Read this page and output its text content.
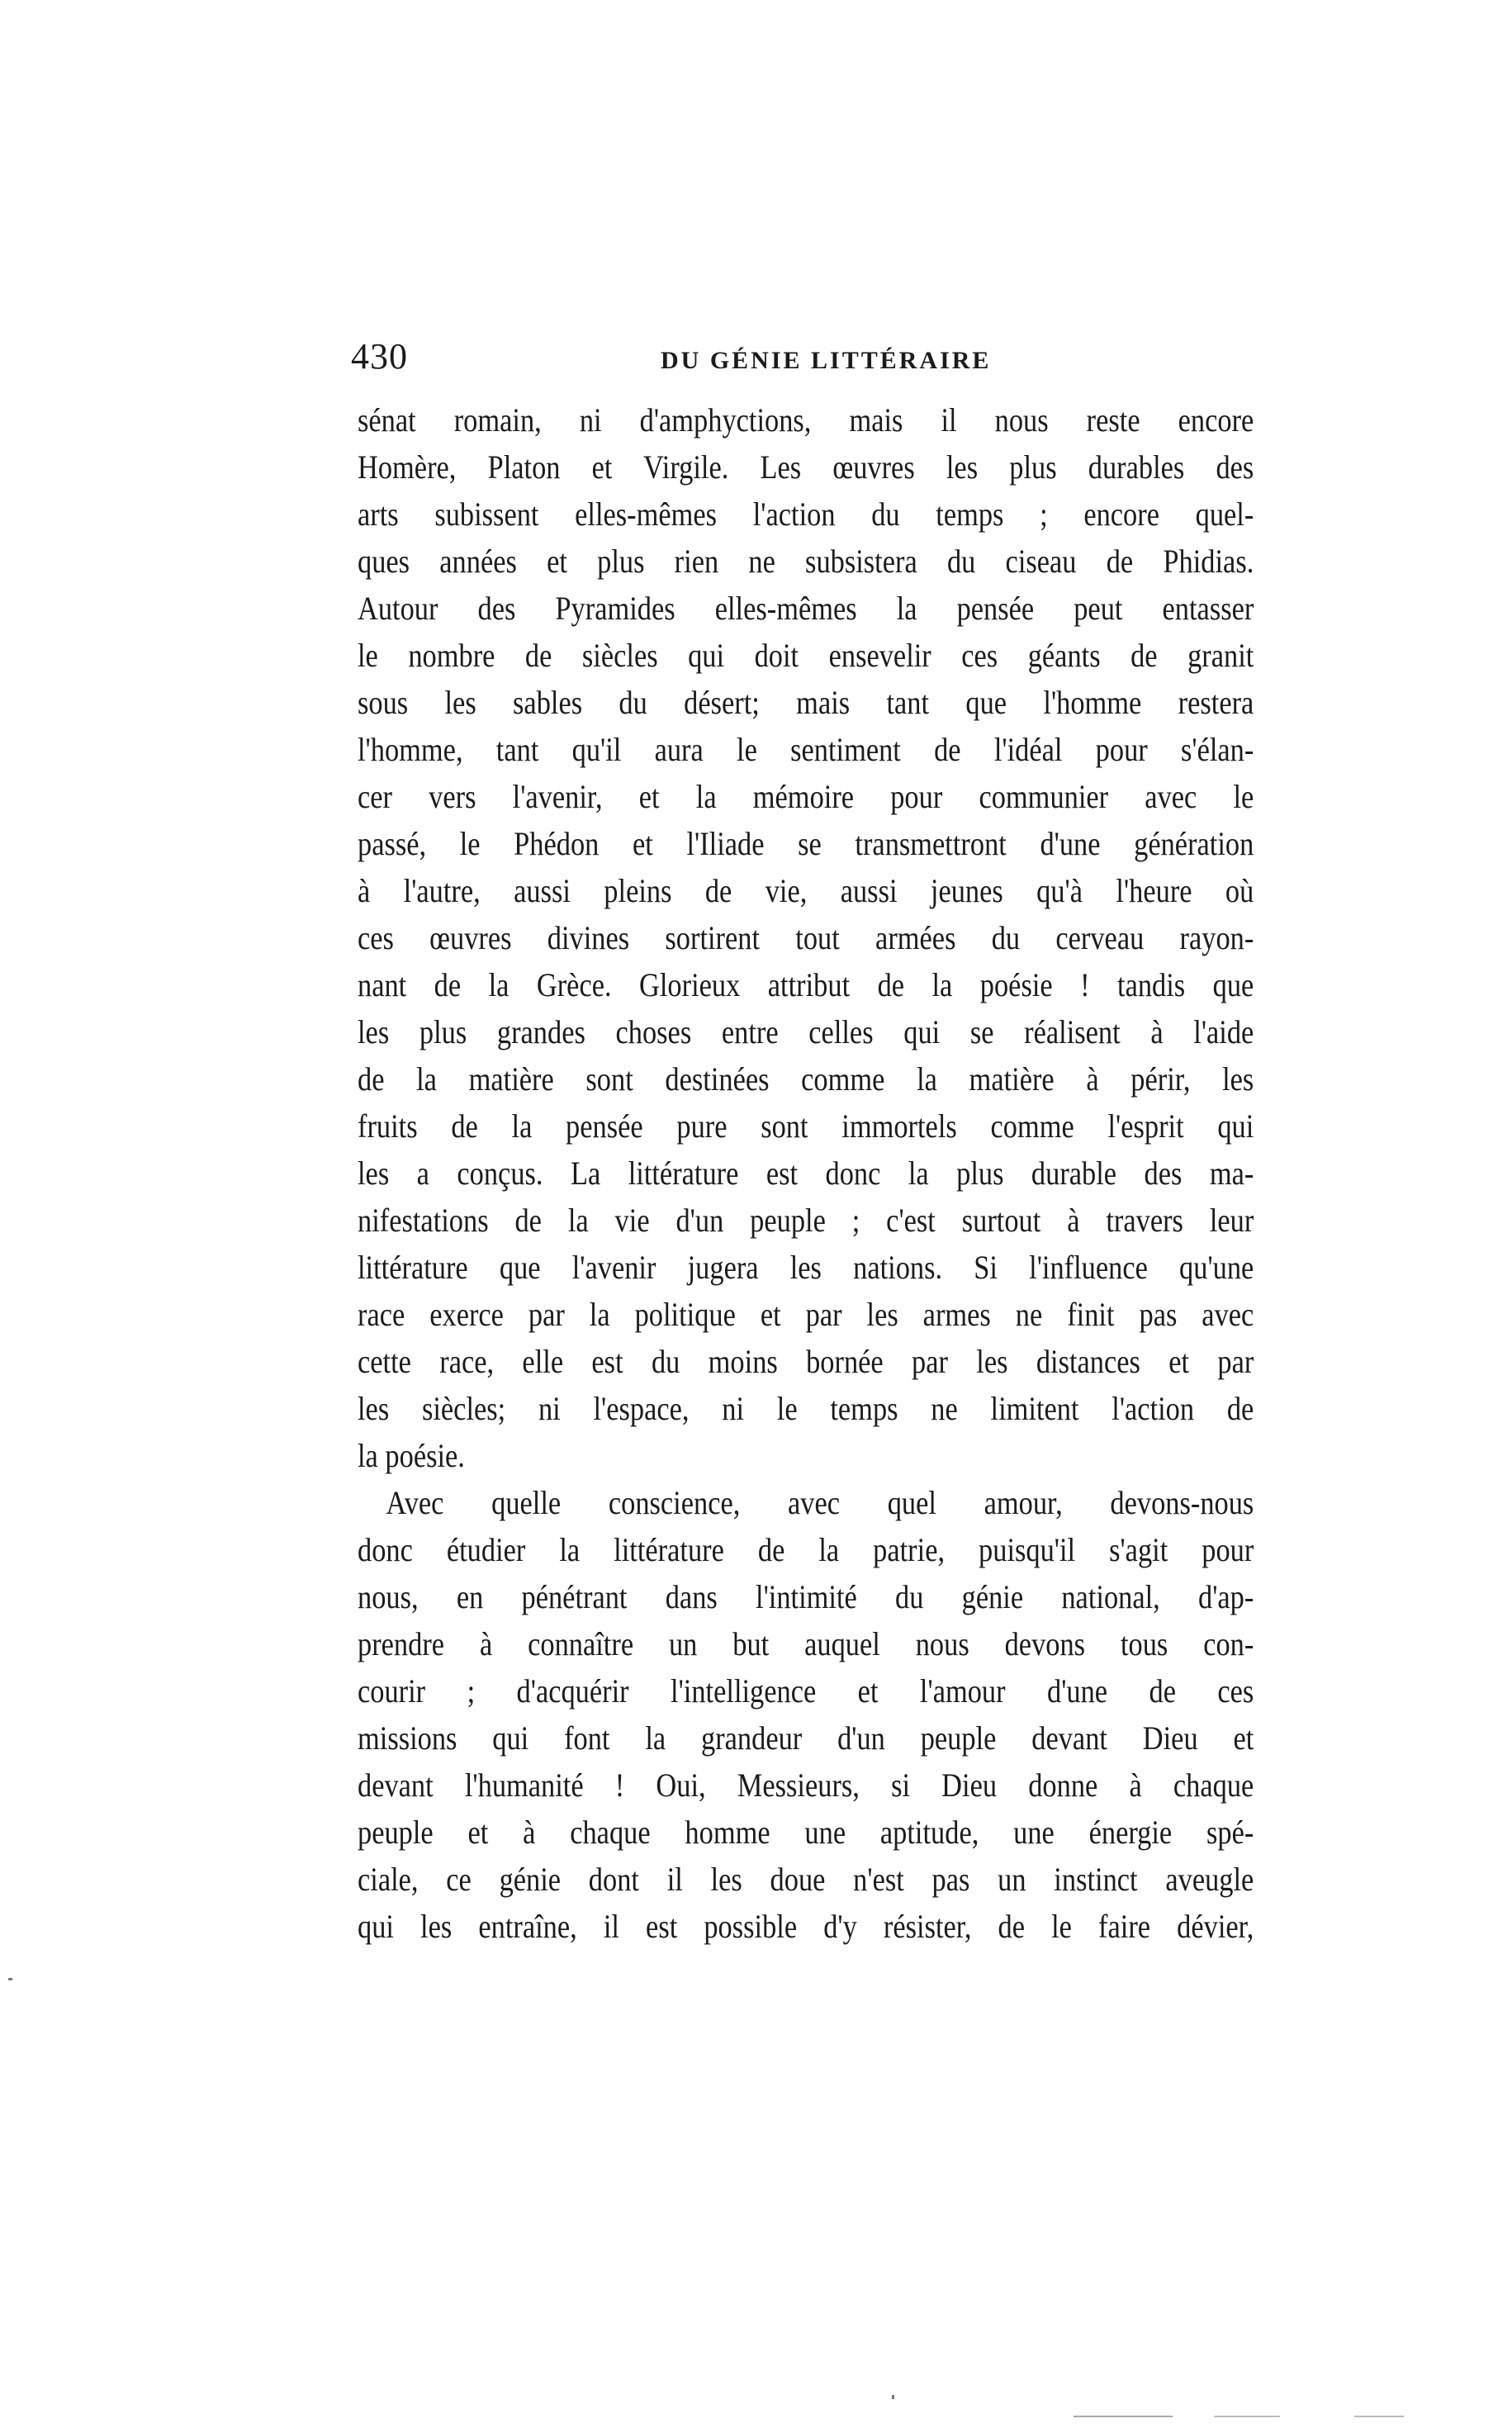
430	DU GÉNIE LITTÉRAIRE
sénat romain, ni d'amphyctions, mais il nous reste encore
Homère, Platon et Virgile. Les œuvres les plus durables des
arts subissent elles-mêmes l'action du temps ; encore quel-
ques années et plus rien ne subsistera du ciseau de Phidias.
Autour des Pyramides elles-mêmes la pensée peut entasser
le nombre de siècles qui doit ensevelir ces géants de granit
sous les sables du désert; mais tant que l'homme restera
l'homme, tant qu'il aura le sentiment de l'idéal pour s'élan-
cer vers l'avenir, et la mémoire pour communier avec le
passé, le Phédon et l'Iliade se transmettront d'une génération
à l'autre, aussi pleins de vie, aussi jeunes qu'à l'heure où
ces œuvres divines sortirent tout armées du cerveau rayon-
nant de la Grèce. Glorieux attribut de la poésie ! tandis que
les plus grandes choses entre celles qui se réalisent à l'aide
de la matière sont destinées comme la matière à périr, les
fruits de la pensée pure sont immortels comme l'esprit qui
les a conçus. La littérature est donc la plus durable des ma-
nifestations de la vie d'un peuple ; c'est surtout à travers leur
littérature que l'avenir jugera les nations. Si l'influence qu'une
race exerce par la politique et par les armes ne finit pas avec
cette race, elle est du moins bornée par les distances et par
les siècles; ni l'espace, ni le temps ne limitent l'action de
la poésie.
Avec quelle conscience, avec quel amour, devons-nous
donc étudier la littérature de la patrie, puisqu'il s'agit pour
nous, en pénétrant dans l'intimité du génie national, d'ap-
prendre à connaître un but auquel nous devons tous con-
courir ; d'acquérir l'intelligence et l'amour d'une de ces
missions qui font la grandeur d'un peuple devant Dieu et
devant l'humanité ! Oui, Messieurs, si Dieu donne à chaque
peuple et à chaque homme une aptitude, une énergie spé-
ciale, ce génie dont il les doue n'est pas un instinct aveugle
qui les entraîne, il est possible d'y résister, de le faire dévier,
